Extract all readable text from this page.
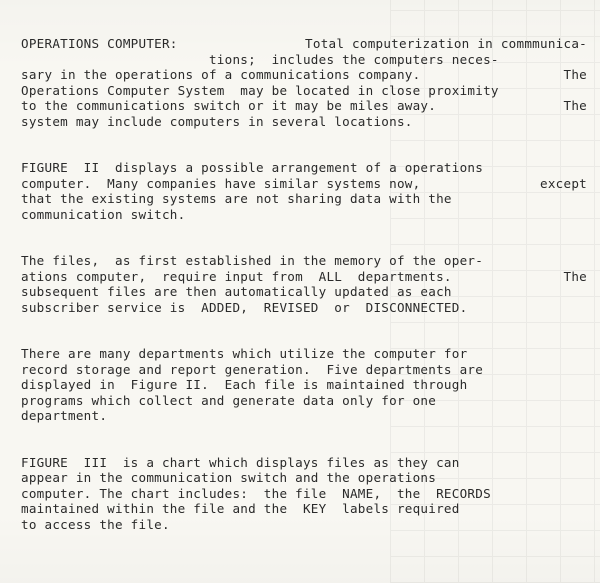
OPERATIONS COMPUTER:	Total computerization in commmunica-
tions;  includes the computers neces-
sary in the operations of a communications company.	The
Operations Computer System  may be located in close proximity
to the communications switch or it may be miles away.	The
system may include computers in several locations.
FIGURE  II  displays a possible arrangement of a operations
computer.  Many companies have similar systems now,	except
that the existing systems are not sharing data with the
communication switch.
The files,  as first established in the memory of the oper-
ations computer,  require input from  ALL  departments.	The
subsequent files are then automatically updated as each
subscriber service is  ADDED,  REVISED  or  DISCONNECTED.
There are many departments which utilize the computer for
record storage and report generation.  Five departments are
displayed in  Figure II.  Each file is maintained through
programs which collect and generate data only for one
department.
FIGURE  III  is a chart which displays files as they can
appear in the communication switch and the operations
computer. The chart includes:  the file  NAME,  the  RECORDS
maintained within the file and the  KEY  labels required
to access the file.
